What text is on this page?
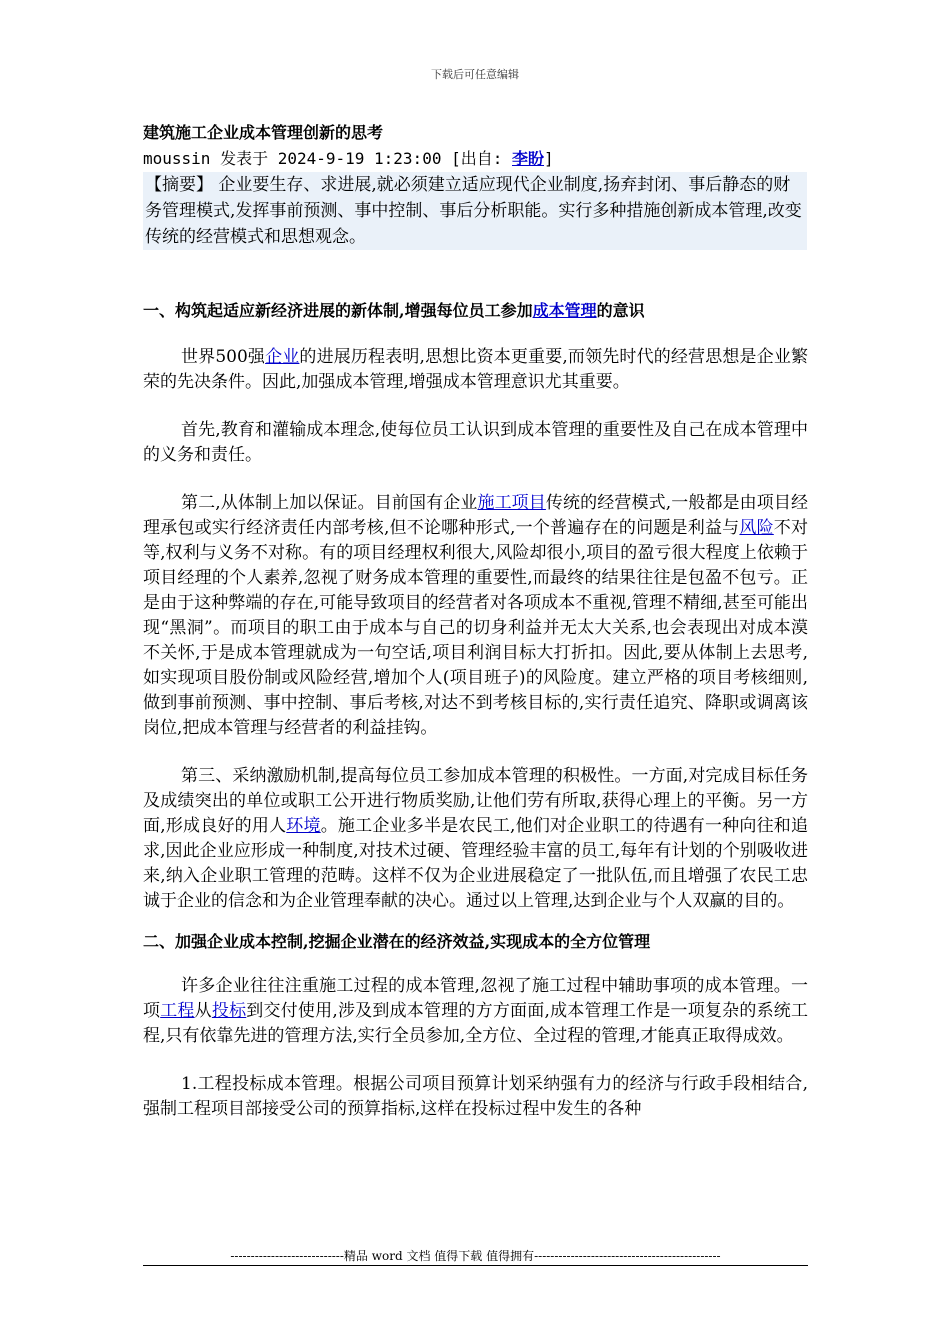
下载后可任意编辑
建筑施工企业成本管理创新的思考

moussin 发表于 2024-9-19 1:23:00 [出自: 李盼]

【摘要】 企业要生存、求进展,就必须建立适应现代企业制度,扬弃封闭、事后静态的财务管理模式,发挥事前预测、事中控制、事后分析职能。实行多种措施创新成本管理,改变传统的经营模式和思想观念。
一、构筑起适应新经济进展的新体制,增强每位员工参加成本管理的意识

世界500强企业的进展历程表明,思想比资本更重要,而领先时代的经营思想是企业繁荣的先决条件。因此,加强成本管理,增强成本管理意识尤其重要。

首先,教育和灌输成本理念,使每位员工认识到成本管理的重要性及自己在成本管理中的义务和责任。

第二,从体制上加以保证。目前国有企业施工项目传统的经营模式,一般都是由项目经理承包或实行经济责任内部考核,但不论哪种形式,一个普遍存在的问题是利益与风险不对等,权利与义务不对称。有的项目经理权利很大,风险却很小,项目的盈亏很大程度上依赖于项目经理的个人素养,忽视了财务成本管理的重要性,而最终的结果往往是包盈不包亏。正是由于这种弊端的存在,可能导致项目的经营者对各项成本不重视,管理不精细,甚至可能出现“黑洞”。而项目的职工由于成本与自己的切身利益并无太大关系,也会表现出对成本漠不关怀,于是成本管理就成为一句空话,项目利润目标大打折扣。因此,要从体制上去思考,如实现项目股份制或风险经营,增加个人(项目班子)的风险度。建立严格的项目考核细则,做到事前预测、事中控制、事后考核,对达不到考核目标的,实行责任追究、降职或调离该岗位,把成本管理与经营者的利益挂钩。

第三、采纳激励机制,提高每位员工参加成本管理的积极性。一方面,对完成目标任务及成绩突出的单位或职工公开进行物质奖励,让他们劳有所取,获得心理上的平衡。另一方面,形成良好的用人环境。施工企业多半是农民工,他们对企业职工的待遇有一种向往和追求,因此企业应形成一种制度,对技术过硬、管理经验丰富的员工,每年有计划的个别吸收进来,纳入企业职工管理的范畴。这样不仅为企业进展稳定了一批队伍,而且增强了农民工忠诚于企业的信念和为企业管理奉献的决心。通过以上管理,达到企业与个人双赢的目的。

二、加强企业成本控制,挖掘企业潜在的经济效益,实现成本的全方位管理

许多企业往往注重施工过程的成本管理,忽视了施工过程中辅助事项的成本管理。一项工程从投标到交付使用,涉及到成本管理的方方面面,成本管理工作是一项复杂的系统工程,只有依靠先进的管理方法,实行全员参加,全方位、全过程的管理,才能真正取得成效。

1.工程投标成本管理。根据公司项目预算计划采纳强有力的经济与行政手段相结合,强制工程项目部接受公司的预算指标,这样在投标过程中发生的各种

----------------------------精品 word 文档 值得下载 值得拥有----------------------------------------------
